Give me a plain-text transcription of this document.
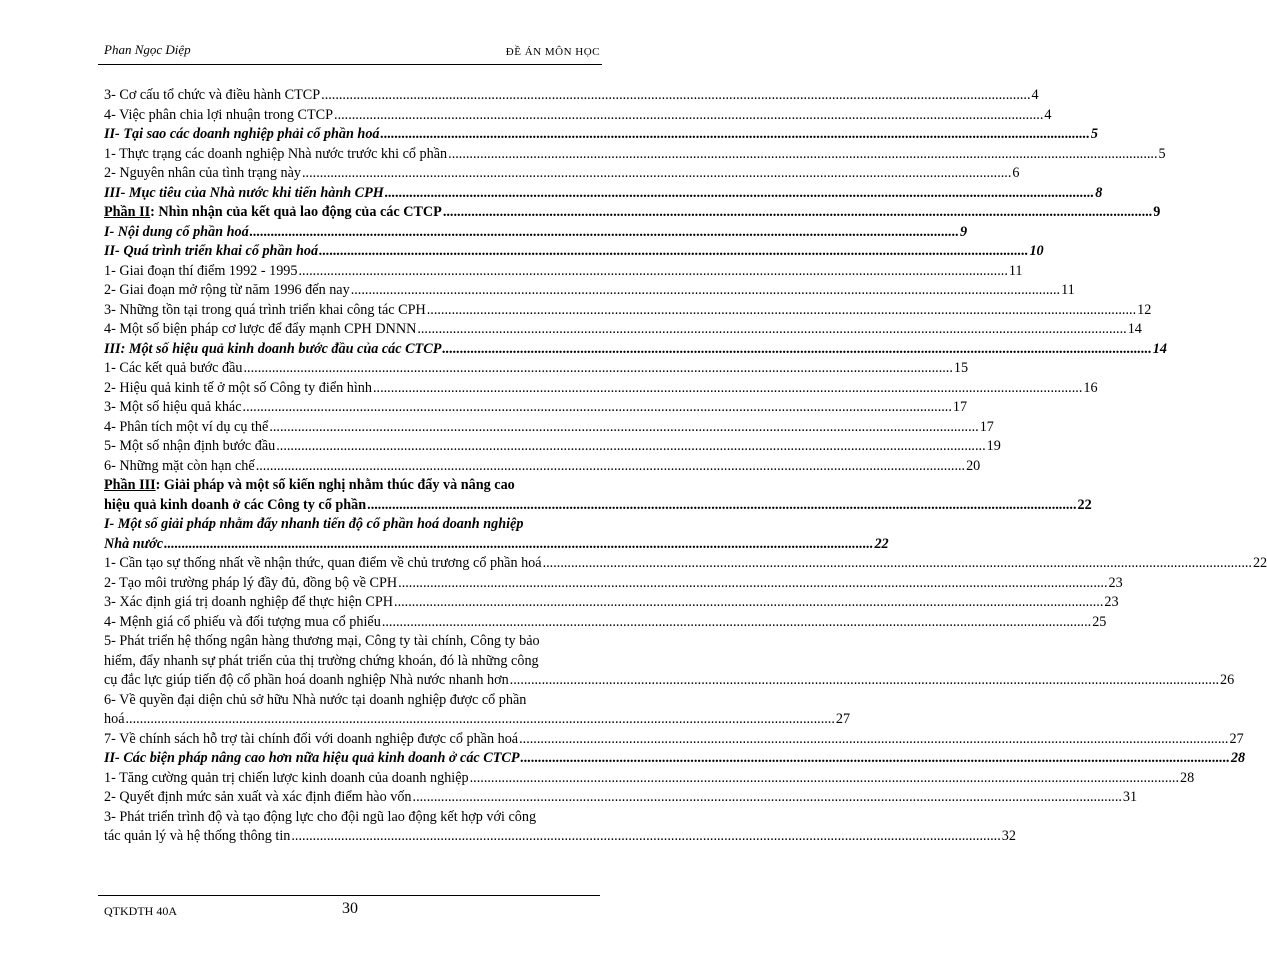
Phan Ngọc Diệp	ĐỀ ÁN MÔN HỌC
3- Cơ cấu tổ chức và điều hành CTCP .....	4
4- Việc phân chia lợi nhuận trong CTCP .....	4
II- Tại sao các doanh nghiệp phải cổ phần hoá .....	5
1- Thực trạng các doanh nghiệp Nhà nước trước khi cổ phần .....	5
2- Nguyên nhân của tình trạng này .....	6
III- Mục tiêu của Nhà nước khi tiến hành CPH .....	8
Phần II: Nhìn nhận của kết quả lao động của các CTCP .....	9
I- Nội dung cổ phần hoá .....	9
II- Quá trình triển khai cổ phần hoá .....	10
1- Giai đoạn thí điểm 1992 - 1995 .....	11
2- Giai đoạn mở rộng từ năm 1996 đến nay .....	11
3- Những tồn tại trong quá trình triển khai công tác CPH .....	12
4- Một số biện pháp cơ lược để đẩy mạnh CPH DNNN .....	14
III: Một số hiệu quả kinh doanh bước đầu của các CTCP .....	14
1- Các kết quả bước đầu .....	15
2- Hiệu quả kinh tế ở một số Công ty điển hình .....	16
3- Một số hiệu quả khác .....	17
4- Phân tích một ví dụ cụ thể .....	17
5- Một số nhận định bước đầu .....	19
6- Những mặt còn hạn chế .....	20
Phần III: Giải pháp và một số kiến nghị nhằm thúc đẩy và nâng cao
hiệu quả kinh doanh ở các Công ty cổ phần .....	22
I- Một số giải pháp nhằm đẩy nhanh tiến độ cổ phần hoá doanh nghiệp
Nhà nước .....	22
1- Cần tạo sự thống nhất về nhận thức, quan điểm về chủ trương cổ phần hoá .....	22
2- Tạo môi trường pháp lý đầy đủ, đồng bộ về CPH .....	23
3- Xác định giá trị doanh nghiệp để thực hiện CPH .....	23
4- Mệnh giá cổ phiếu và đối tượng mua cổ phiếu .....	25
5- Phát triển hệ thống ngân hàng thương mại, Công ty tài chính, Công ty bảo
hiểm, đẩy nhanh sự phát triển của thị trường chứng khoán, đó là những công
cụ đắc lực giúp tiến độ cổ phần hoá doanh nghiệp Nhà nước nhanh hơn .....	26
6- Về quyền đại diện chủ sở hữu Nhà nước tại doanh nghiệp được cổ phần
hoá .....	27
7- Về chính sách hỗ trợ tài chính đối với doanh nghiệp được cổ phần hoá .....	27
II- Các biện pháp nâng cao hơn nữa hiệu quả kinh doanh ở các CTCP .....	28
1- Tăng cường quản trị chiến lược kinh doanh của doanh nghiệp .....	28
2- Quyết định mức sản xuất và xác định điểm hào vốn .....	31
3- Phát triển trình độ và tạo động lực cho đội ngũ lao động kết hợp với công
tác quản lý và hệ thống thông tin .....	32
QTKDTH 40A	30
